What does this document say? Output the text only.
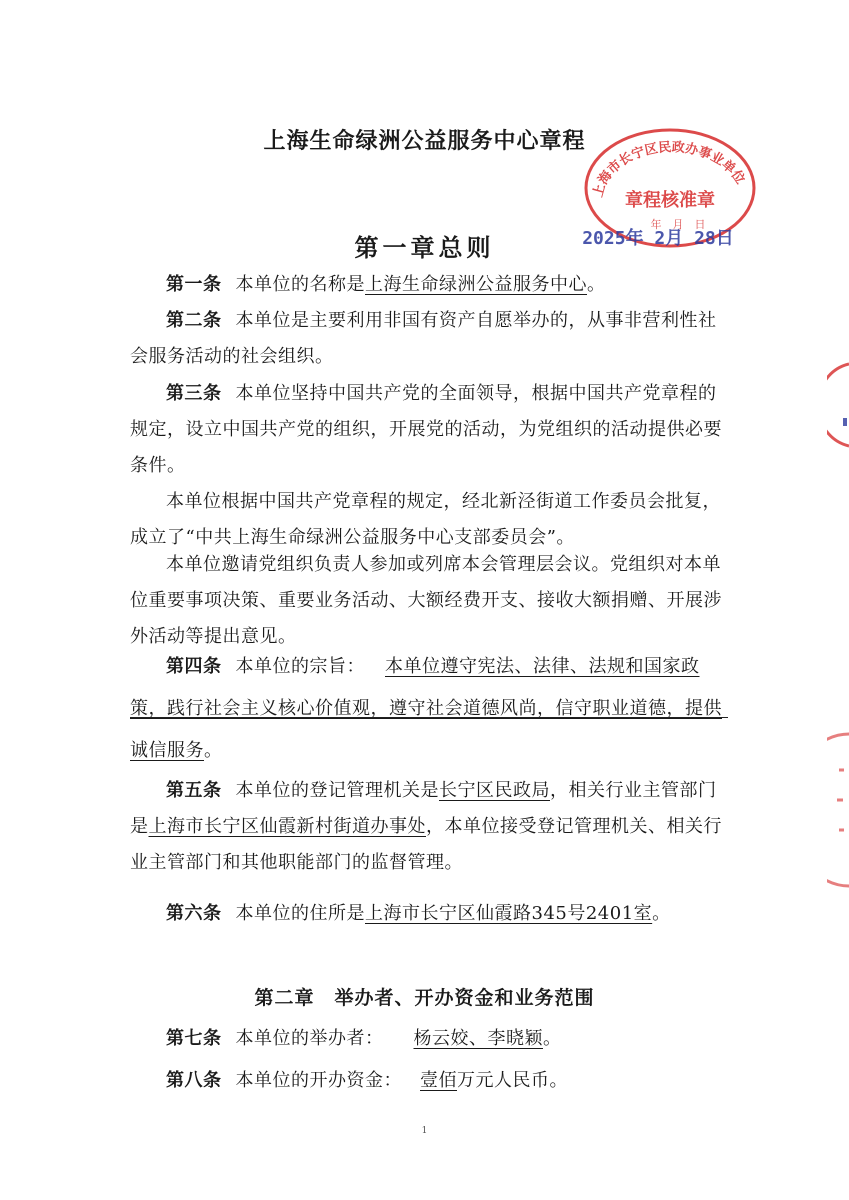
上海生命绿洲公益服务中心章程
上海市长宁区民政办事业单位
章程核准章
年　月　日
2025年 2月 28日
第一章总则

第一条 本单位的名称是上海生命绿洲公益服务中心。

第二条 本单位是主要利用非国有资产自愿举办的，从事非营利性社会服务活动的社会组织。

第三条 本单位坚持中国共产党的全面领导，根据中国共产党章程的规定，设立中国共产党的组织，开展党的活动，为党组织的活动提供必要条件。

本单位根据中国共产党章程的规定，经北新泾街道工作委员会批复，成立了“中共上海生命绿洲公益服务中心支部委员会”。

本单位邀请党组织负责人参加或列席本会管理层会议。党组织对本单位重要事项决策、重要业务活动、大额经费开支、接收大额捐赠、开展涉外活动等提出意见。

第四条 本单位的宗旨： 本单位遵守宪法、法律、法规和国家政策，践行社会主义核心价值观，遵守社会道德风尚，信守职业道德，提供诚信服务。

第五条 本单位的登记管理机关是长宁区民政局，相关行业主管部门是上海市长宁区仙霞新村街道办事处，本单位接受登记管理机关、相关行业主管部门和其他职能部门的监督管理。

第六条 本单位的住所是上海市长宁区仙霞路345号2401室。

第二章　举办者、开办资金和业务范围

第七条 本单位的举办者： 杨云姣、李晓颖。

第八条 本单位的开办资金： 壹佰万元人民币。

1
